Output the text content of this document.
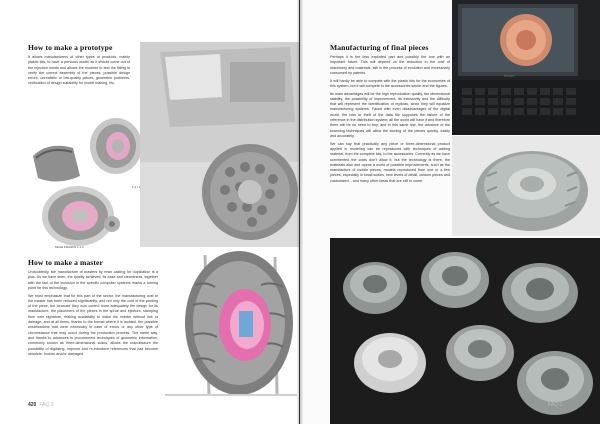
How to make a prototype

It allows manufacturers of other types of products, mainly plastic kits, to have a previous model as it should come out of the injection molds and allows the modeler to test the fitting to verify the correct assembly of the pieces, possible design errors, unrealistic or low-quality pieces, geometric problems, verification of design suitability for model making, etc.

1:1 / 1
Model FRANKS 1:1.3
How to make a master

Undoubtedly, the manufacture of masters by resin casting for duplication is a plus. As we have seen, the quality achieved, its ease and cleanliness, together with the fact of the inclusion in the specific computer systems marks a turning point for this technology.

We must emphasize that for this part of the sector, the manufacturing cost of the master has been reduced significantly, and not only the cost of the printing of the piece, but because they now control more adequately the design for its manufacture, the placement of the pieces in the sprue and ejectors, stamping their own signature, making availability to make the master without risk or damage, and at all times, thanks to the format where it is located, the possible modifications that were necessary in case of errors or any other type of circumstance that may occur during the production process. The same way, and thanks to advances in procurement techniques of geometric information, commonly known as three-dimensional scans, allows the manufacture the possibility of digitizing, improve and re-introduce references that had become obsolete, broken and/or damaged.

420 FAQ 3
Manufacturing of final pieces

Perhaps it is the less exploited part and possibly the one with an important future. This will depend on the reduction in the cost of machinery and materials, still in the process of evolution and excessively consumed by patents.

It will hardly be able to compete with the plastic kits for the economies of this system, but it will compete in the accessories sector and the figures.

Its main advantages will be the high reproduction quality, the dimensional stability, the possibility of improvement, its exclusivity and the difficulty that will represent the identification of replicas, since they will equalize manufacturing systems. Faced with even disadvantages of the digital world, the loss or theft of the data file supposes the failure of the reference in the distribution system; all the world will have it and therefore there will be no need to buy, and in this same line, the advance of the scanning techniques will allow the cloning of the pieces quickly, easily and accurately.

We can say that practically any piece or three-dimensional product applied in modeling can be reproduced with techniques of adding material, from the complete kits, to the accessories. Currently as we have commented the costs don't allow it, but the technology is there, the materials also and opens a world of possible improvements, such as the manufacture of mobile pieces, models reproduced from one or a few pieces, especially in small scales, new levels of detail, custom pieces and customized... and many other ideas that are still to come.

lenovo
FAQ 3
